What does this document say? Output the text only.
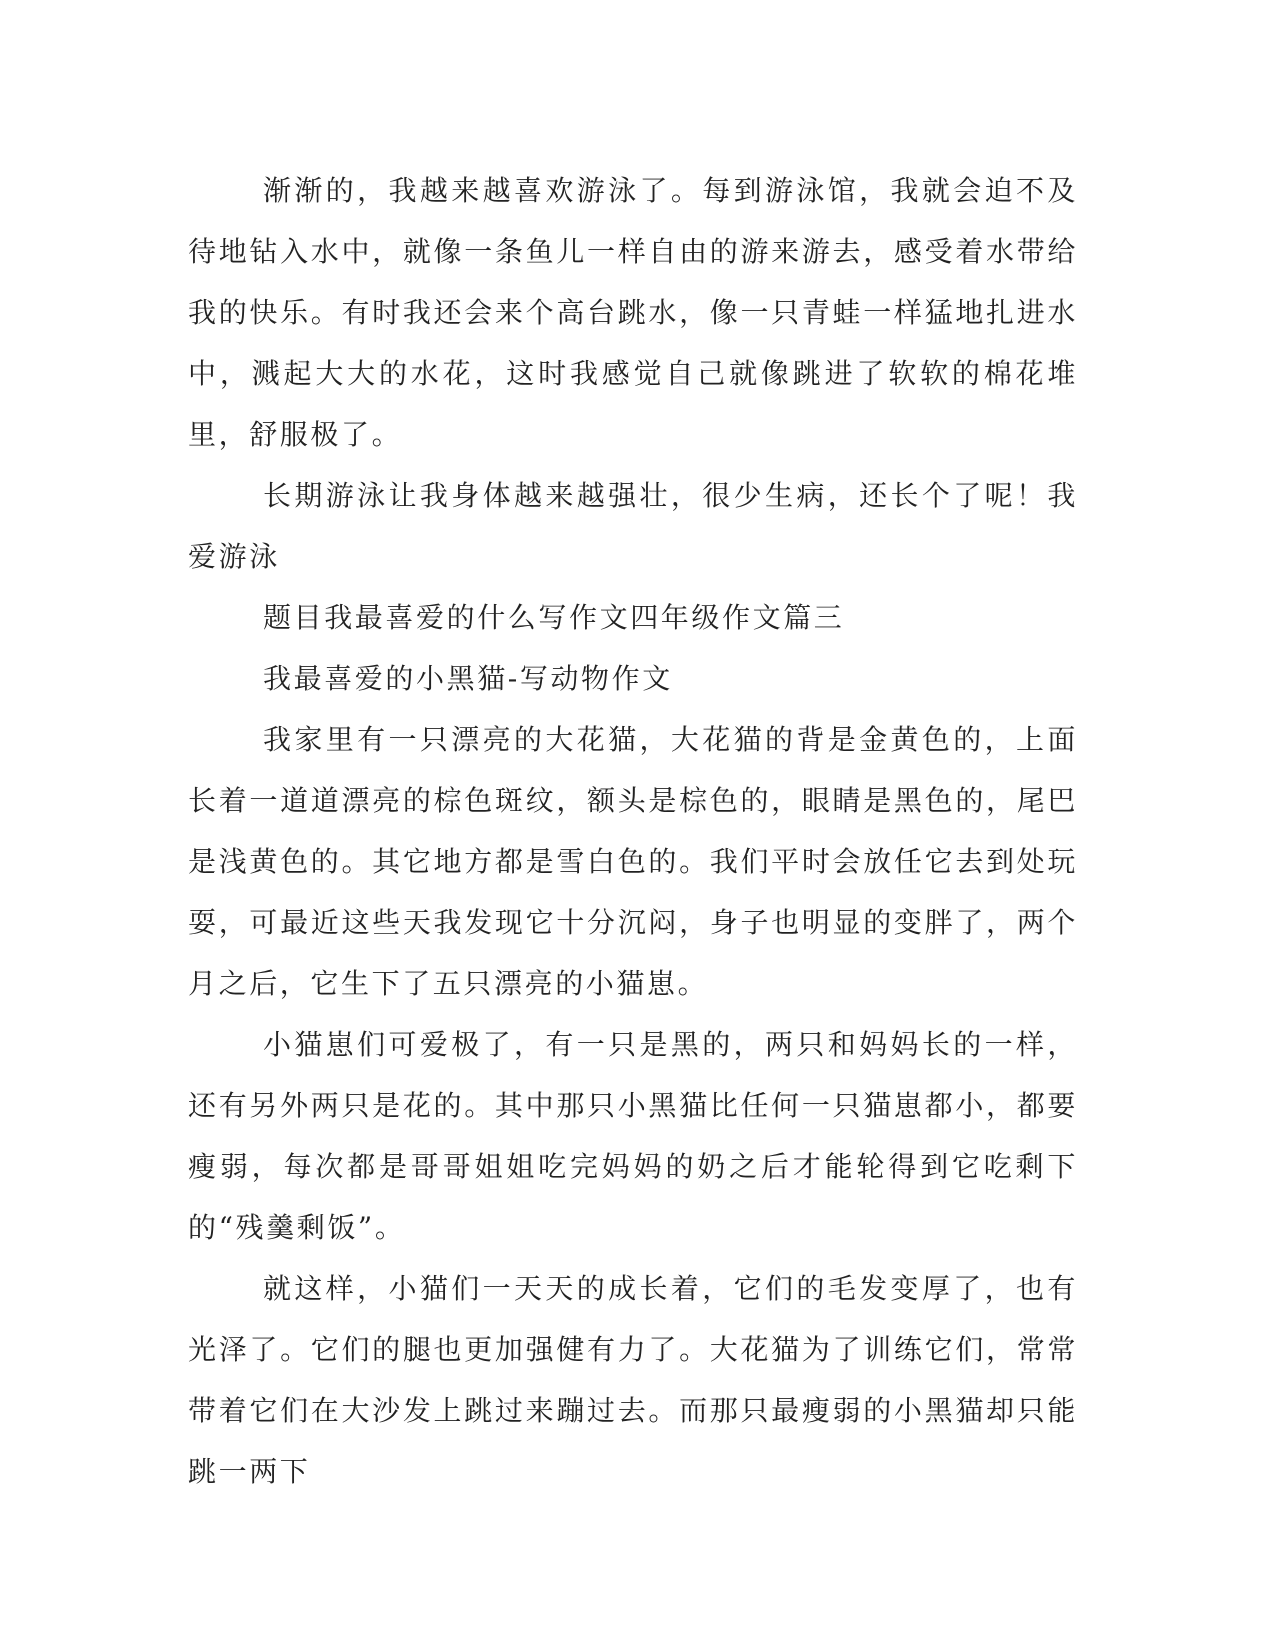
渐渐的，我越来越喜欢游泳了。每到游泳馆，我就会迫不及待地钻入水中，就像一条鱼儿一样自由的游来游去，感受着水带给我的快乐。有时我还会来个高台跳水，像一只青蛙一样猛地扎进水中，溅起大大的水花，这时我感觉自己就像跳进了软软的棉花堆里，舒服极了。

长期游泳让我身体越来越强壮，很少生病，还长个了呢！我爱游泳

题目我最喜爱的什么写作文四年级作文篇三

我最喜爱的小黑猫-写动物作文

我家里有一只漂亮的大花猫，大花猫的背是金黄色的，上面长着一道道漂亮的棕色斑纹，额头是棕色的，眼睛是黑色的，尾巴是浅黄色的。其它地方都是雪白色的。我们平时会放任它去到处玩耍，可最近这些天我发现它十分沉闷，身子也明显的变胖了，两个月之后，它生下了五只漂亮的小猫崽。

小猫崽们可爱极了，有一只是黑的，两只和妈妈长的一样，还有另外两只是花的。其中那只小黑猫比任何一只猫崽都小，都要瘦弱，每次都是哥哥姐姐吃完妈妈的奶之后才能轮得到它吃剩下的“残羹剩饭”。

就这样，小猫们一天天的成长着，它们的毛发变厚了，也有光泽了。它们的腿也更加强健有力了。大花猫为了训练它们，常常带着它们在大沙发上跳过来蹦过去。而那只最瘦弱的小黑猫却只能跳一两下
